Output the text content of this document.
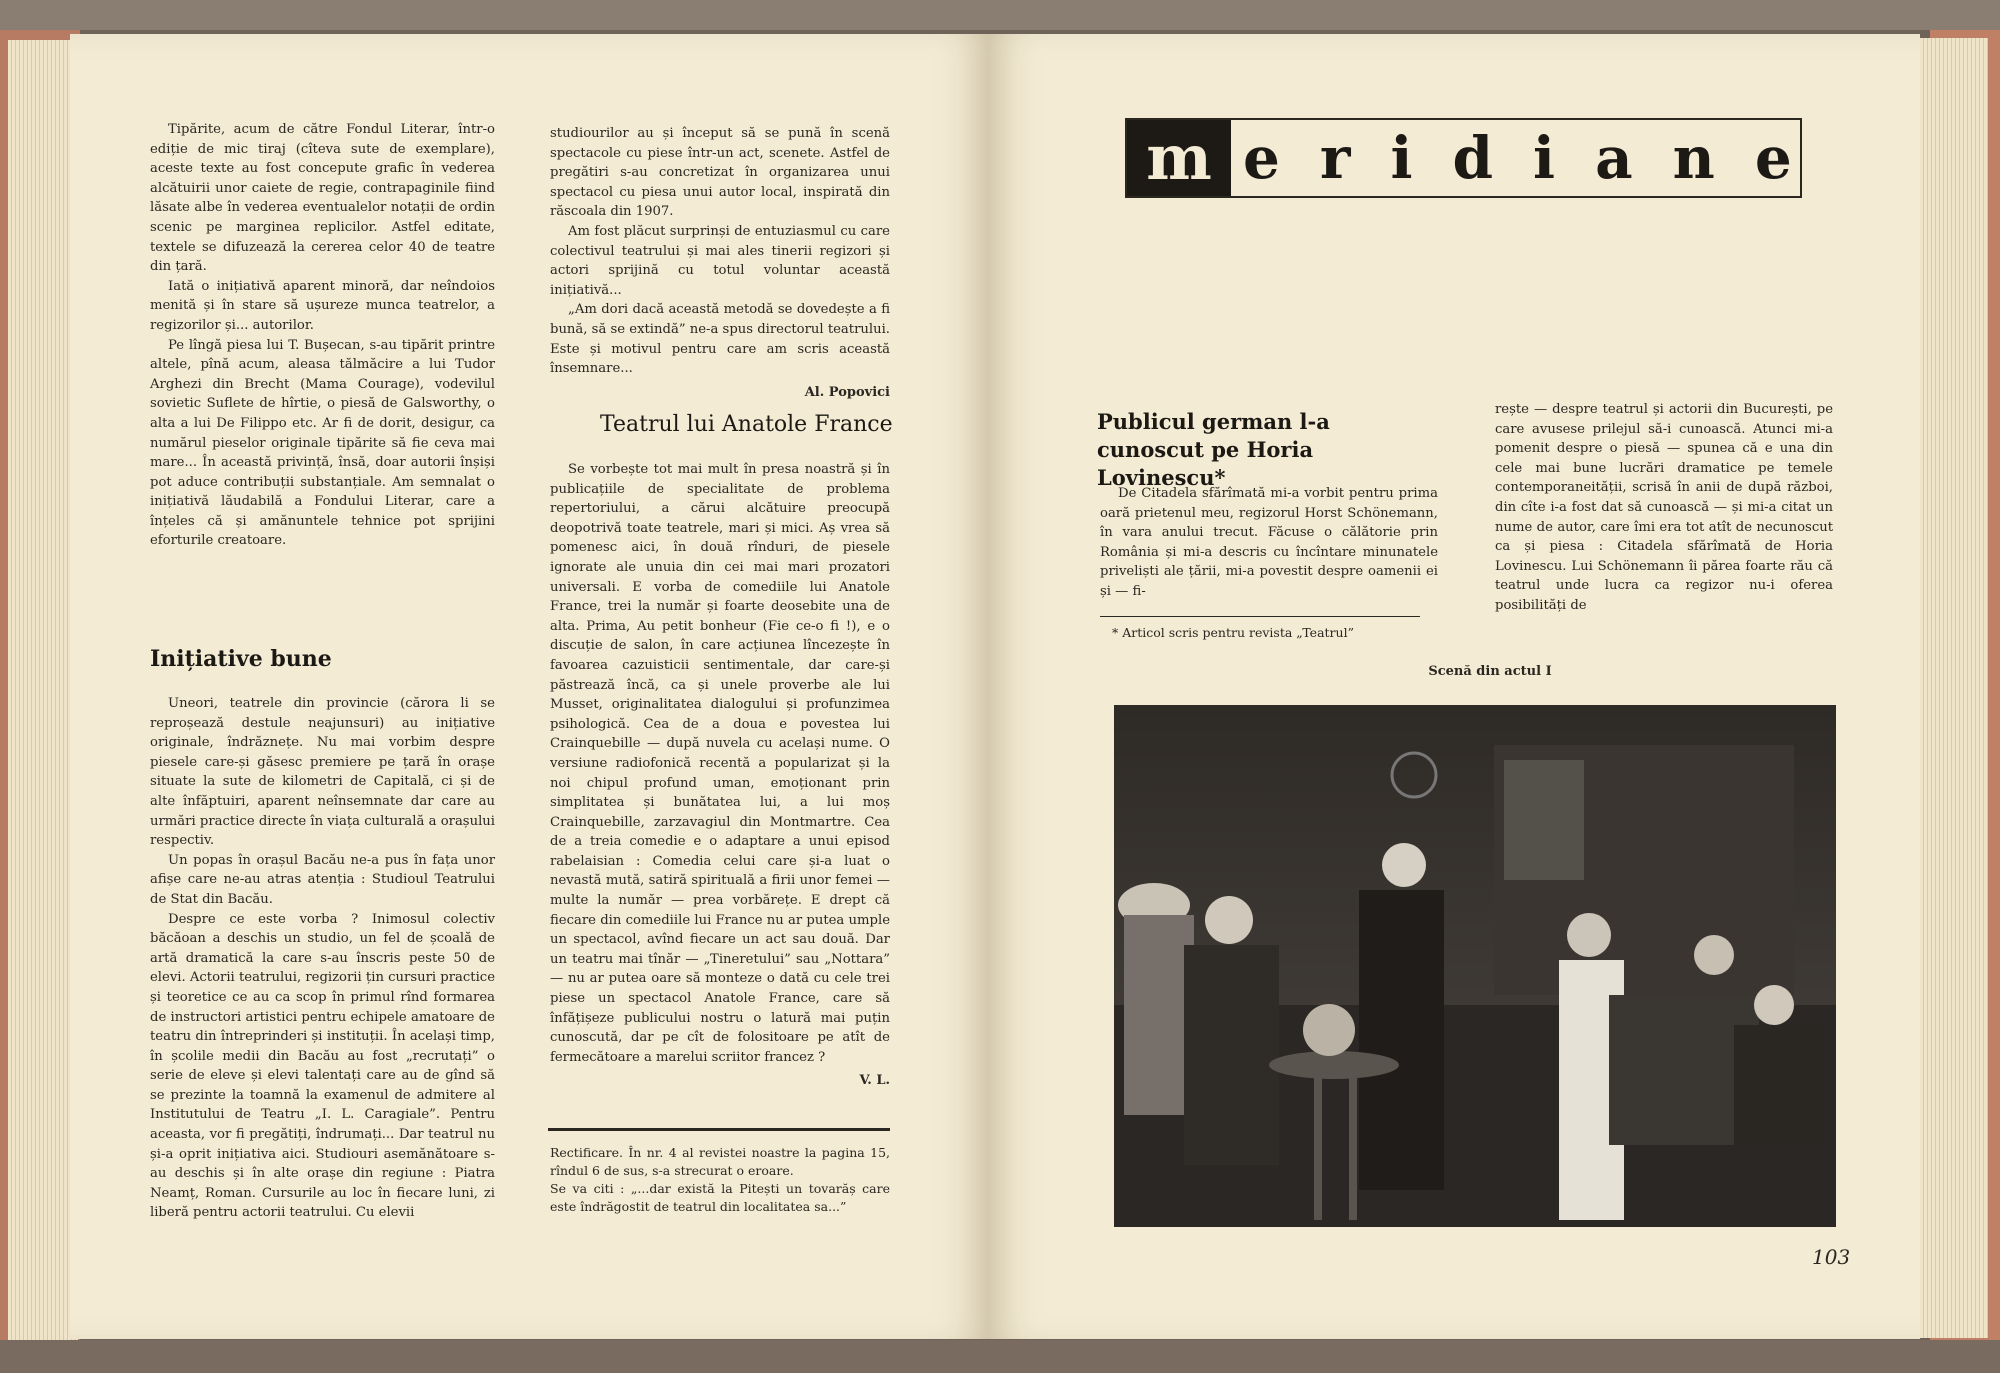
Tipărite, acum de către Fondul Literar, într-o ediție de mic tiraj (cîteva sute de exemplare), aceste texte au fost concepute grafic în vederea alcătuirii unor caiete de regie, contrapaginile fiind lăsate albe în vederea eventualelor notații de ordin scenic pe marginea replicilor. Astfel editate, textele se difuzează la cererea celor 40 de teatre din țară.

Iată o inițiativă aparent minoră, dar neîndoios menită și în stare să ușureze munca teatrelor, a regizorilor și... autorilor.

Pe lîngă piesa lui T. Bușecan, s-au tipărit printre altele, pînă acum, aleasa tălmăcire a lui Tudor Arghezi din Brecht (Mama Courage), vodevilul sovietic Suflete de hîrtie, o piesă de Galsworthy, o alta a lui De Filippo etc. Ar fi de dorit, desigur, ca numărul pieselor originale tipărite să fie ceva mai mare... În această privință, însă, doar autorii înșiși pot aduce contribuții substanțiale. Am semnalat o inițiativă lăudabilă a Fondului Literar, care a înțeles că și amănuntele tehnice pot sprijini eforturile creatoare.

Inițiative bune

Uneori, teatrele din provincie (cărora li se reproșează destule neajunsuri) au inițiative originale, îndrăznețe. Nu mai vorbim despre piesele care-și găsesc premiere pe țară în orașe situate la sute de kilometri de Capitală, ci și de alte înfăptuiri, aparent neînsemnate dar care au urmări practice directe în viața culturală a orașului respectiv.

Un popas în orașul Bacău ne-a pus în fața unor afișe care ne-au atras atenția : Studioul Teatrului de Stat din Bacău.

Despre ce este vorba ? Inimosul colectiv băcăoan a deschis un studio, un fel de școală de artă dramatică la care s-au înscris peste 50 de elevi. Actorii teatrului, regizorii țin cursuri practice și teoretice ce au ca scop în primul rînd formarea de instructori artistici pentru echipele amatoare de teatru din întreprinderi și instituții. În același timp, în școlile medii din Bacău au fost „recrutați” o serie de eleve și elevi talentați care au de gînd să se prezinte la toamnă la examenul de admitere al Institutului de Teatru „I. L. Caragiale”. Pentru aceasta, vor fi pregătiți, îndrumați... Dar teatrul nu și-a oprit inițiativa aici. Studiouri asemănătoare s-au deschis și în alte orașe din regiune : Piatra Neamț, Roman. Cursurile au loc în fiecare luni, zi liberă pentru actorii teatrului. Cu elevii

studiourilor au și început să se pună în scenă spectacole cu piese într-un act, scenete. Astfel de pregătiri s-au concretizat în organizarea unui spectacol cu piesa unui autor local, inspirată din răscoala din 1907.

Am fost plăcut surprinși de entuziasmul cu care colectivul teatrului și mai ales tinerii regizori și actori sprijină cu totul voluntar această inițiativă...

„Am dori dacă această metodă se dovedește a fi bună, să se extindă” ne-a spus directorul teatrului. Este și motivul pentru care am scris această însemnare...

Al. Popovici
Teatrul lui Anatole France

Se vorbește tot mai mult în presa noastră și în publicațiile de specialitate de problema repertoriului, a cărui alcătuire preocupă deopotrivă toate teatrele, mari și mici. Aș vrea să pomenesc aici, în două rînduri, de piesele ignorate ale unuia din cei mai mari prozatori universali. E vorba de comediile lui Anatole France, trei la număr și foarte deosebite una de alta. Prima, Au petit bonheur (Fie ce-o fi !), e o discuție de salon, în care acțiunea lîncezește în favoarea cazuisticii sentimentale, dar care-și păstrează încă, ca și unele proverbe ale lui Musset, originalitatea dialogului și profunzimea psihologică. Cea de a doua e povestea lui Crainquebille — după nuvela cu același nume. O versiune radiofonică recentă a popularizat și la noi chipul profund uman, emoționant prin simplitatea și bunătatea lui, a lui moș Crainquebille, zarzavagiul din Montmartre. Cea de a treia comedie e o adaptare a unui episod rabelaisian : Comedia celui care și-a luat o nevastă mută, satiră spirituală a firii unor femei — multe la număr — prea vorbărețe. E drept că fiecare din comediile lui France nu ar putea umple un spectacol, avînd fiecare un act sau două. Dar un teatru mai tînăr — „Tineretului” sau „Nottara” — nu ar putea oare să monteze o dată cu cele trei piese un spectacol Anatole France, care să înfățișeze publicului nostru o latură mai puțin cunoscută, dar pe cît de folositoare pe atît de fermecătoare a marelui scriitor francez ?

V. L.

Rectificare. În nr. 4 al revistei noastre la pagina 15, rîndul 6 de sus, s-a strecurat o eroare.

Se va citi : „...dar există la Pitești un tovarăș care este îndrăgostit de teatrul din localitatea sa...”

m eridiane
Publicul german l-a cunoscut pe Horia Lovinescu*

De Citadela sfărîmată mi-a vorbit pentru prima oară prietenul meu, regizorul Horst Schönemann, în vara anului trecut. Făcuse o călătorie prin România și mi-a descris cu încîntare minunatele priveliști ale țării, mi-a povestit despre oamenii ei și — fi-

* Articol scris pentru revista „Teatrul”

rește — despre teatrul și actorii din București, pe care avusese prilejul să-i cunoască. Atunci mi-a pomenit despre o piesă — spunea că e una din cele mai bune lucrări dramatice pe temele contemporaneității, scrisă în anii de după război, din cîte i-a fost dat să cunoască — și mi-a citat un nume de autor, care îmi era tot atît de necunoscut ca și piesa : Citadela sfărîmată de Horia Lovinescu. Lui Schönemann îi părea foarte rău că teatrul unde lucra ca regizor nu-i oferea posibilități de

Scenă din actul I
103
